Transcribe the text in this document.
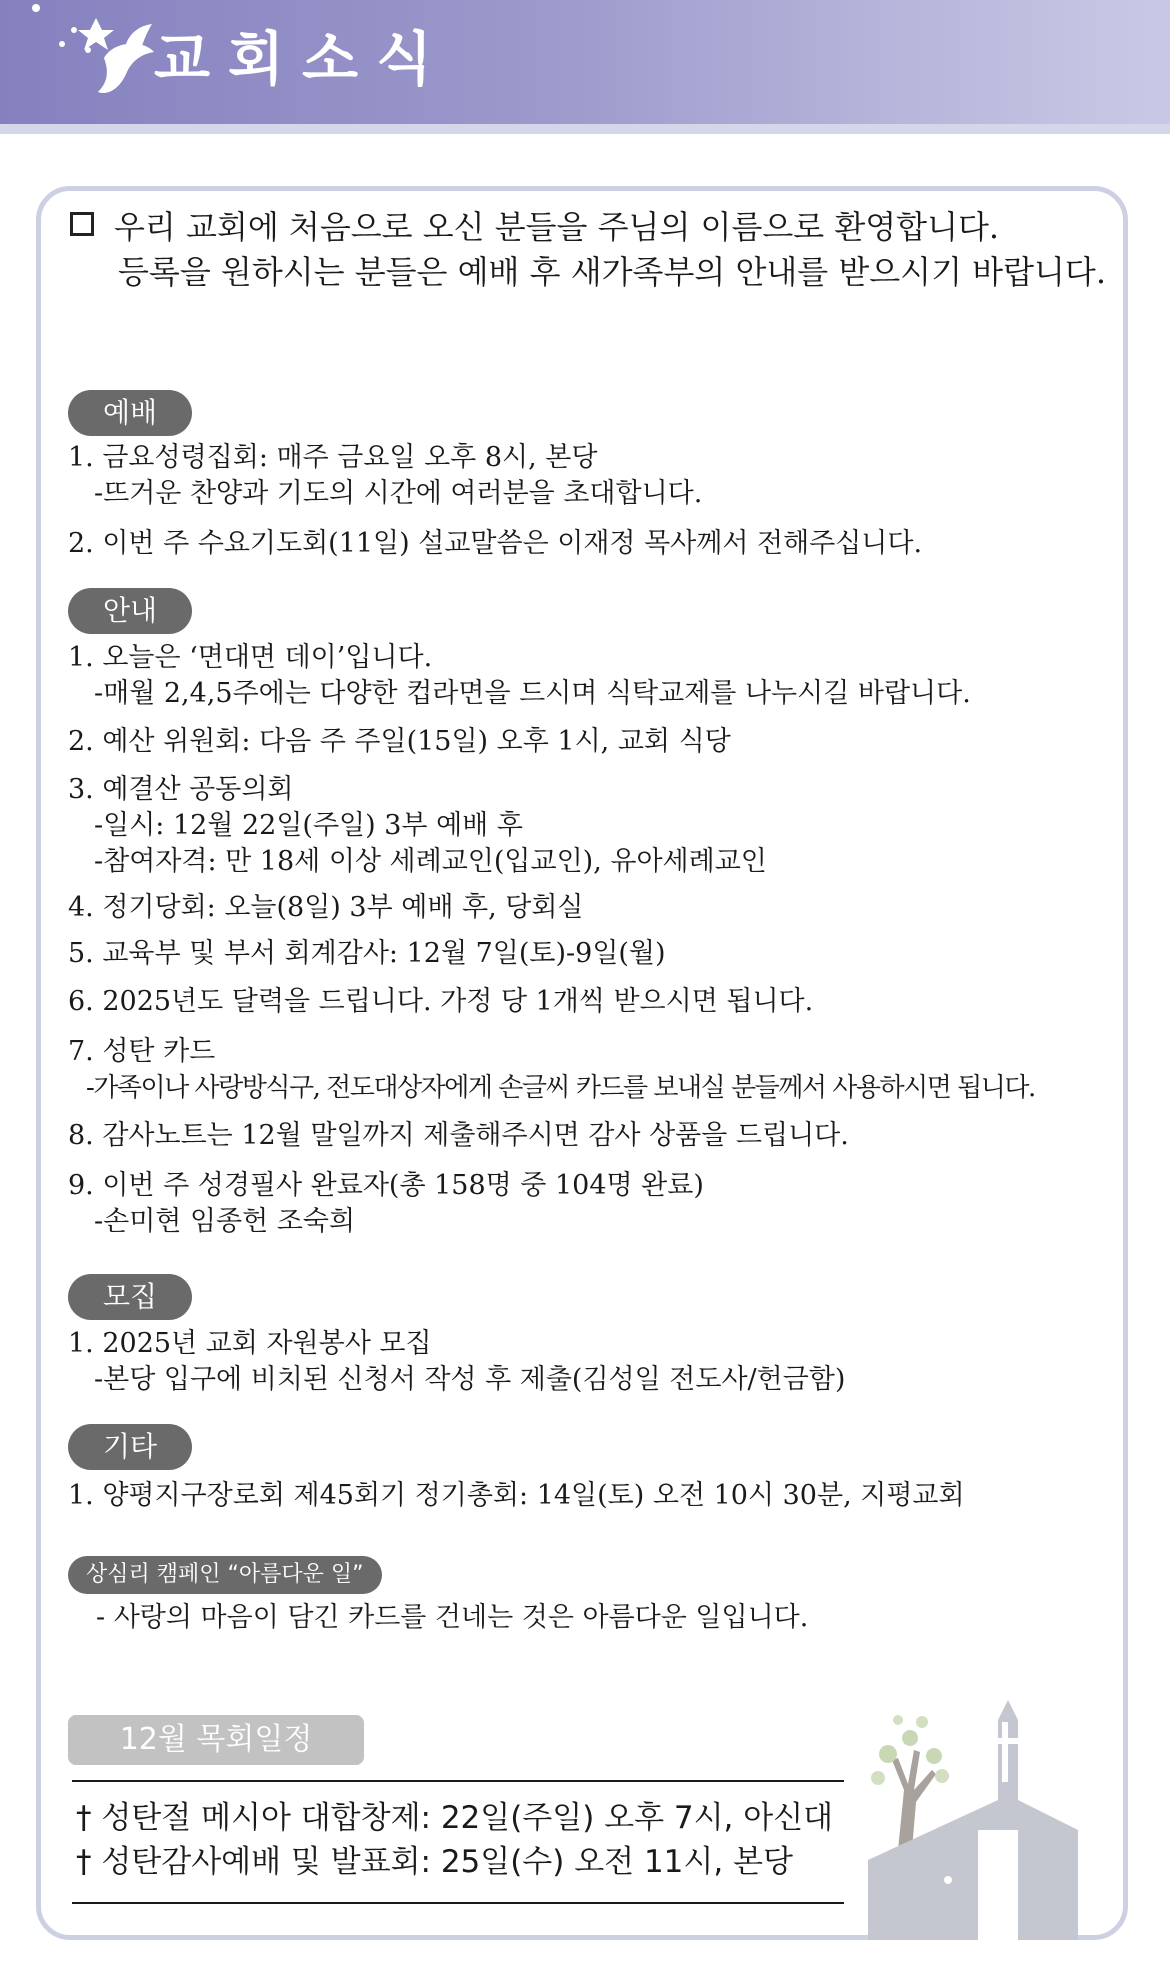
교회소식
우리 교회에 처음으로 오신 분들을 주님의 이름으로 환영합니다.
등록을 원하시는 분들은 예배 후 새가족부의 안내를 받으시기 바랍니다.
예배
1. 금요성령집회: 매주 금요일 오후 8시, 본당
-뜨거운 찬양과 기도의 시간에 여러분을 초대합니다.
2. 이번 주 수요기도회(11일) 설교말씀은 이재정 목사께서 전해주십니다.
안내
1. 오늘은 ‘면대면 데이’입니다.
-매월 2,4,5주에는 다양한 컵라면을 드시며 식탁교제를 나누시길 바랍니다.
2. 예산 위원회: 다음 주 주일(15일) 오후 1시, 교회 식당
3. 예결산 공동의회
-일시: 12월 22일(주일) 3부 예배 후
-참여자격: 만 18세 이상 세례교인(입교인), 유아세례교인
4. 정기당회: 오늘(8일) 3부 예배 후, 당회실
5. 교육부 및 부서 회계감사: 12월 7일(토)-9일(월)
6. 2025년도 달력을 드립니다. 가정 당 1개씩 받으시면 됩니다.
7. 성탄 카드
-가족이나 사랑방식구, 전도대상자에게 손글씨 카드를 보내실 분들께서 사용하시면 됩니다.
8. 감사노트는 12월 말일까지 제출해주시면 감사 상품을 드립니다.
9. 이번 주 성경필사 완료자(총 158명 중 104명 완료)
-손미현 임종헌 조숙희
모집
1. 2025년 교회 자원봉사 모집
-본당 입구에 비치된 신청서 작성 후 제출(김성일 전도사/헌금함)
기타
1. 양평지구장로회 제45회기 정기총회: 14일(토) 오전 10시 30분, 지평교회
상심리 캠페인 “아름다운 일”
- 사랑의 마음이 담긴 카드를 건네는 것은 아름다운 일입니다.
12월 목회일정
† 성탄절 메시아 대합창제: 22일(주일) 오후 7시, 아신대
† 성탄감사예배 및 발표회: 25일(수) 오전 11시, 본당
